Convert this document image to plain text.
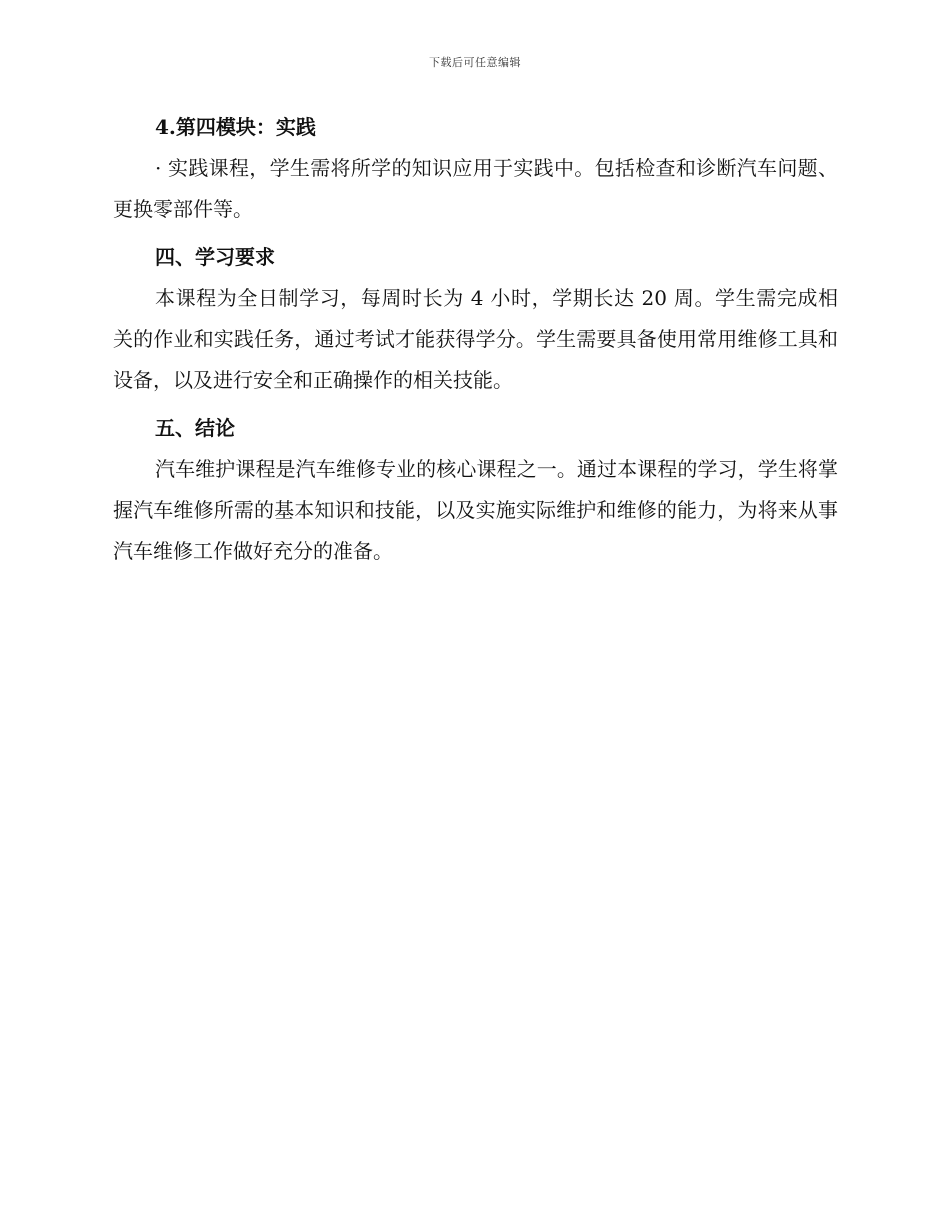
下载后可任意编辑
4.第四模块：实践

· 实践课程，学生需将所学的知识应用于实践中。包括检查和诊断汽车问题、更换零部件等。

四、学习要求

本课程为全日制学习，每周时长为 4 小时，学期长达 20 周。学生需完成相关的作业和实践任务，通过考试才能获得学分。学生需要具备使用常用维修工具和设备，以及进行安全和正确操作的相关技能。

五、结论

汽车维护课程是汽车维修专业的核心课程之一。通过本课程的学习，学生将掌握汽车维修所需的基本知识和技能，以及实施实际维护和维修的能力，为将来从事汽车维修工作做好充分的准备。
